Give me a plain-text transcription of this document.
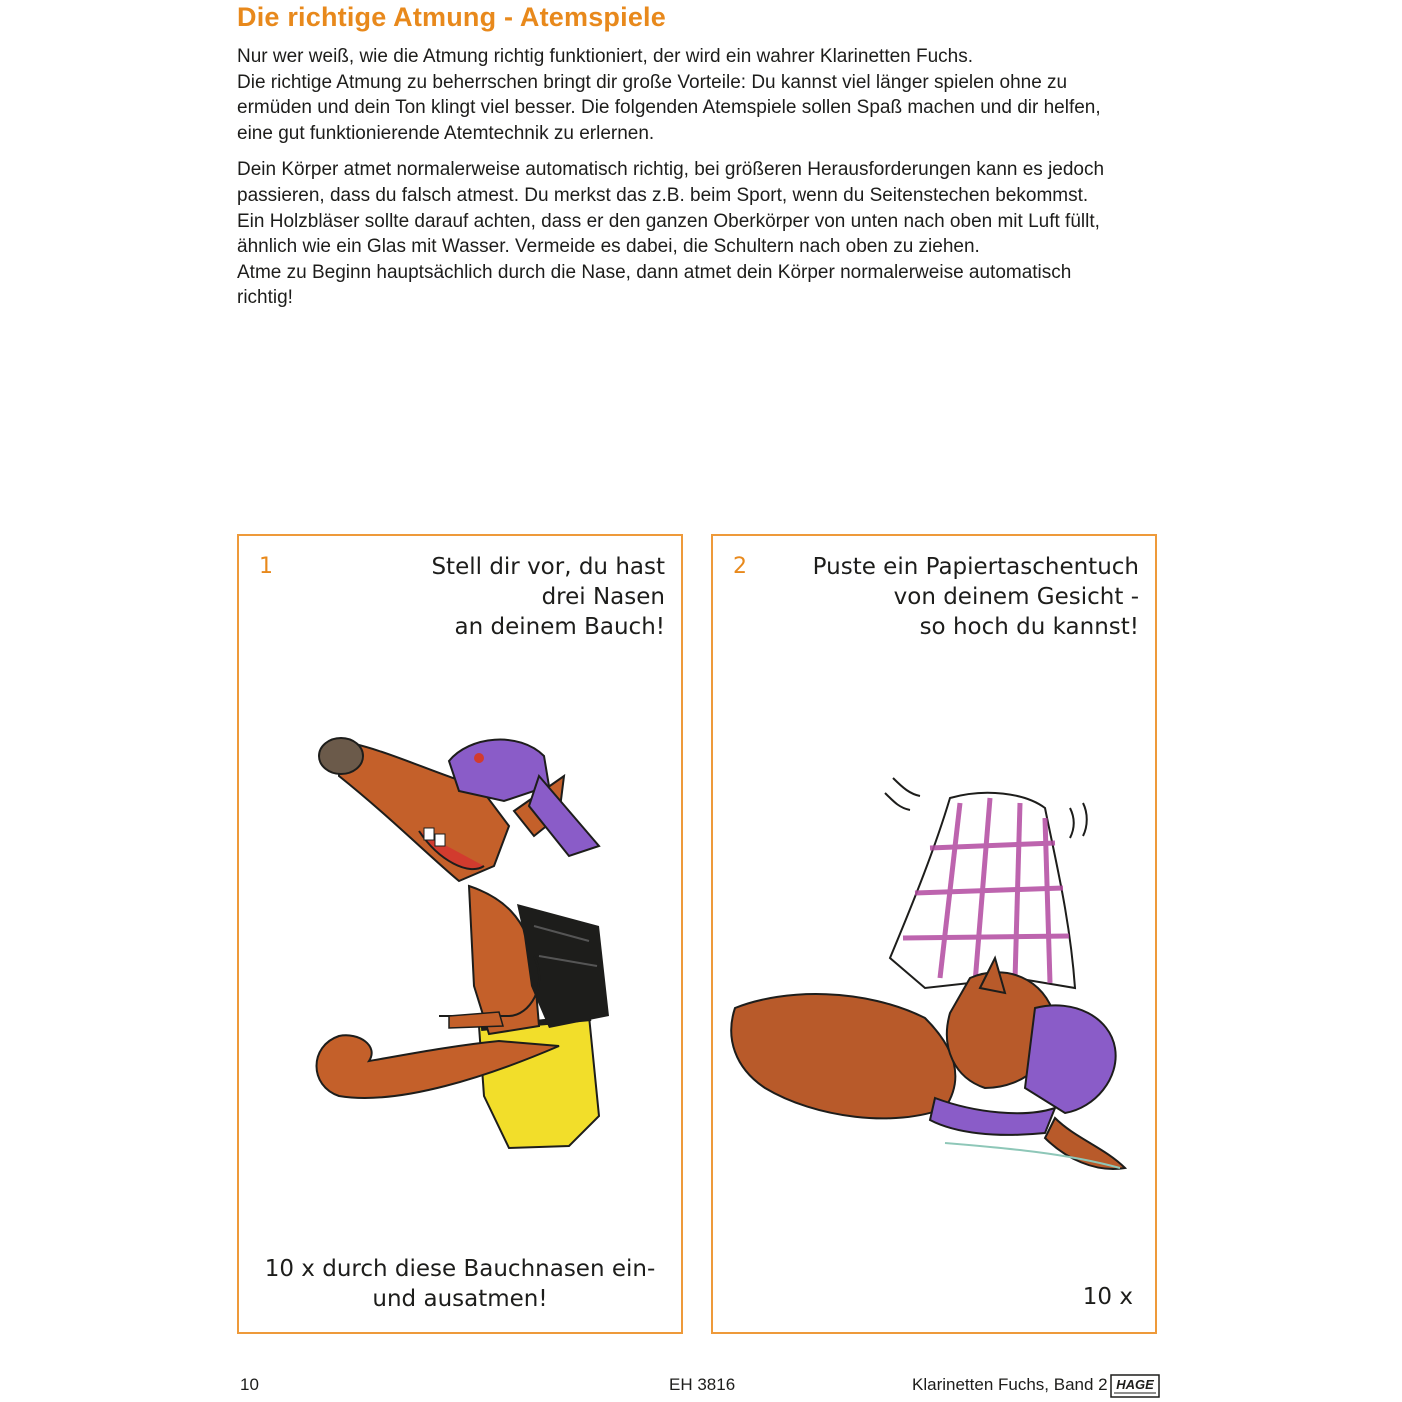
Die richtige Atmung - Atemspiele

Nur wer weiß, wie die Atmung richtig funktioniert, der wird ein wahrer Klarinetten Fuchs.
Die richtige Atmung zu beherrschen bringt dir große Vorteile: Du kannst viel länger spielen ohne zu
ermüden und dein Ton klingt viel besser. Die folgenden Atemspiele sollen Spaß machen und dir helfen,
eine gut funktionierende Atemtechnik zu erlernen.

Dein Körper atmet normalerweise automatisch richtig, bei größeren Herausforderungen kann es jedoch
passieren, dass du falsch atmest. Du merkst das z.B. beim Sport, wenn du Seitenstechen bekommst.
Ein Holzbläser sollte darauf achten, dass er den ganzen Oberkörper von unten nach oben mit Luft füllt,
ähnlich wie ein Glas mit Wasser. Vermeide es dabei, die Schultern nach oben zu ziehen.
Atme zu Beginn hauptsächlich durch die Nase, dann atmet dein Körper normalerweise automatisch
richtig!

1	Stell dir vor, du hast
drei Nasen
an deinem Bauch!
10 x durch diese Bauchnasen ein-
und ausatmen!
2	Puste ein Papiertaschentuch
von deinem Gesicht -
so hoch du kannst!
10 x
10	EH 3816	Klarinetten Fuchs, Band 2 HAGE
